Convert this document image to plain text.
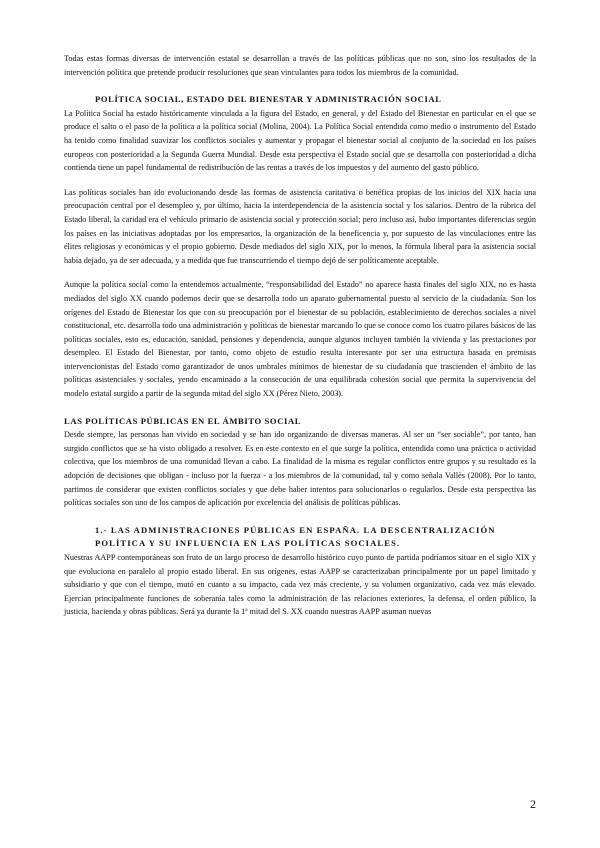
Todas estas formas diversas de intervención estatal se desarrollan a través de las políticas públicas que no son, sino los resultados de la intervención política que pretende producir resoluciones que sean vinculantes para todos los miembros de la comunidad.

POLÍTICA SOCIAL, ESTADO DEL BIENESTAR Y ADMINISTRACIÓN SOCIAL

La Política Social ha estado históricamente vinculada a la figura del Estado, en general, y del Estado del Bienestar en particular en el que se produce el salto o el paso de la política a la política social (Molina, 2004). La Política Social entendida como medio o instrumento del Estado ha tenido como finalidad suavizar los conflictos sociales y aumentar y propagar el bienestar social al conjunto de la sociedad en los países europeos con posterioridad a la Segunda Guerra Mundial. Desde esta perspectiva el Estado social que se desarrolla con posterioridad a dicha contienda tiene un papel fundamental de redistribución de las rentas a través de los impuestos y del aumento del gasto público.

Las políticas sociales han ido evolucionando desde las formas de asistencia caritativa o benéfica propias de los inicios del XIX hacia una preocupación central por el desempleo y, por último, hacia la interdependencia de la asistencia social y los salarios. Dentro de la rúbrica del Estado liberal, la caridad era el vehículo primario de asistencia social y protección social; pero incluso así, hubo importantes diferencias según los países en las iniciativas adoptadas por los empresarios, la organización de la beneficencia y, por supuesto de las vinculaciones entre las élites religiosas y económicas y el propio gobierno. Desde mediados del siglo XIX, por lo menos, la fórmula liberal para la asistencia social había dejado, ya de ser adecuada, y a medida que fue transcurriendo el tiempo dejó de ser políticamente aceptable.

Aunque la política social como la entendemos actualmente, “responsabilidad del Estado” no aparece hasta finales del siglo XIX, no es hasta mediados del siglo XX cuando podemos decir que se desarrolla todo un aparato gubernamental puesto al servicio de la ciudadanía. Son los orígenes del Estado de Bienestar los que con su preocupación por el bienestar de su población, establecimiento de derechos sociales a nivel constitucional, etc. desarrolla todo una administración y políticas de bienestar marcando lo que se conoce como los cuatro pilares básicos de las políticas sociales, esto es, educación, sanidad, pensiones y dependencia, aunque algunos incluyen también la vivienda y las prestaciones por desempleo. El Estado del Bienestar, por tanto, como objeto de estudio resulta interesante por ser una estructura basada en premisas intervencionistas del Estado como garantizador de unos umbrales mínimos de bienestar de su ciudadanía que trascienden el ámbito de las políticas asistenciales y sociales, yendo encaminado a la consecución de una equilibrada cohesión social que permita la supervivencia del modelo estatal surgido a partir de la segunda mitad del siglo XX (Pérez Nieto, 2003).

LAS POLÍTICAS PÚBLICAS EN EL ÁMBITO SOCIAL

Desde siempre, las personas han vivido en sociedad y se han ido organizando de diversas maneras. Al ser un “ser sociable”, por tanto, han surgido conflictos que se ha visto obligado a resolver. Es en este contexto en el que surge la política, entendida como una práctica o actividad colectiva, que los miembros de una comunidad llevan a cabo. La finalidad de la misma es regular conflictos entre grupos y su resultado es la adopción de decisiones que obligan - incluso por la fuerza - a los miembros de la comunidad, tal y como señala Vallès (2008). Por lo tanto, partimos de considerar que existen conflictos sociales y que debe haber intentos para solucionarlos o regularlos. Desde esta perspectiva las políticas sociales son uno de los campos de aplicación por excelencia del análisis de políticas públicas.

1.- LAS ADMINISTRACIONES PÚBLICAS EN ESPAÑA. LA DESCENTRALIZACIÓN POLÍTICA Y SU INFLUENCIA EN LAS POLÍTICAS SOCIALES.

Nuestras AAPP contemporáneas son fruto de un largo proceso de desarrollo histórico cuyo punto de partida podríamos situar en el siglo XIX y que evoluciona en paralelo al propio estado liberal. En sus orígenes, estas AAPP se caracterizaban principalmente por un papel limitado y subsidiario y que con el tiempo, mutó en cuanto a su impacto, cada vez más creciente, y su volumen organizativo, cada vez más elevado. Ejercían principalmente funciones de soberanía tales como la administración de las relaciones exteriores, la defensa, el orden público, la justicia, hacienda y obras públicas. Será ya durante la 1ª mitad del S. XX cuando nuestras AAPP asuman nuevas

2
